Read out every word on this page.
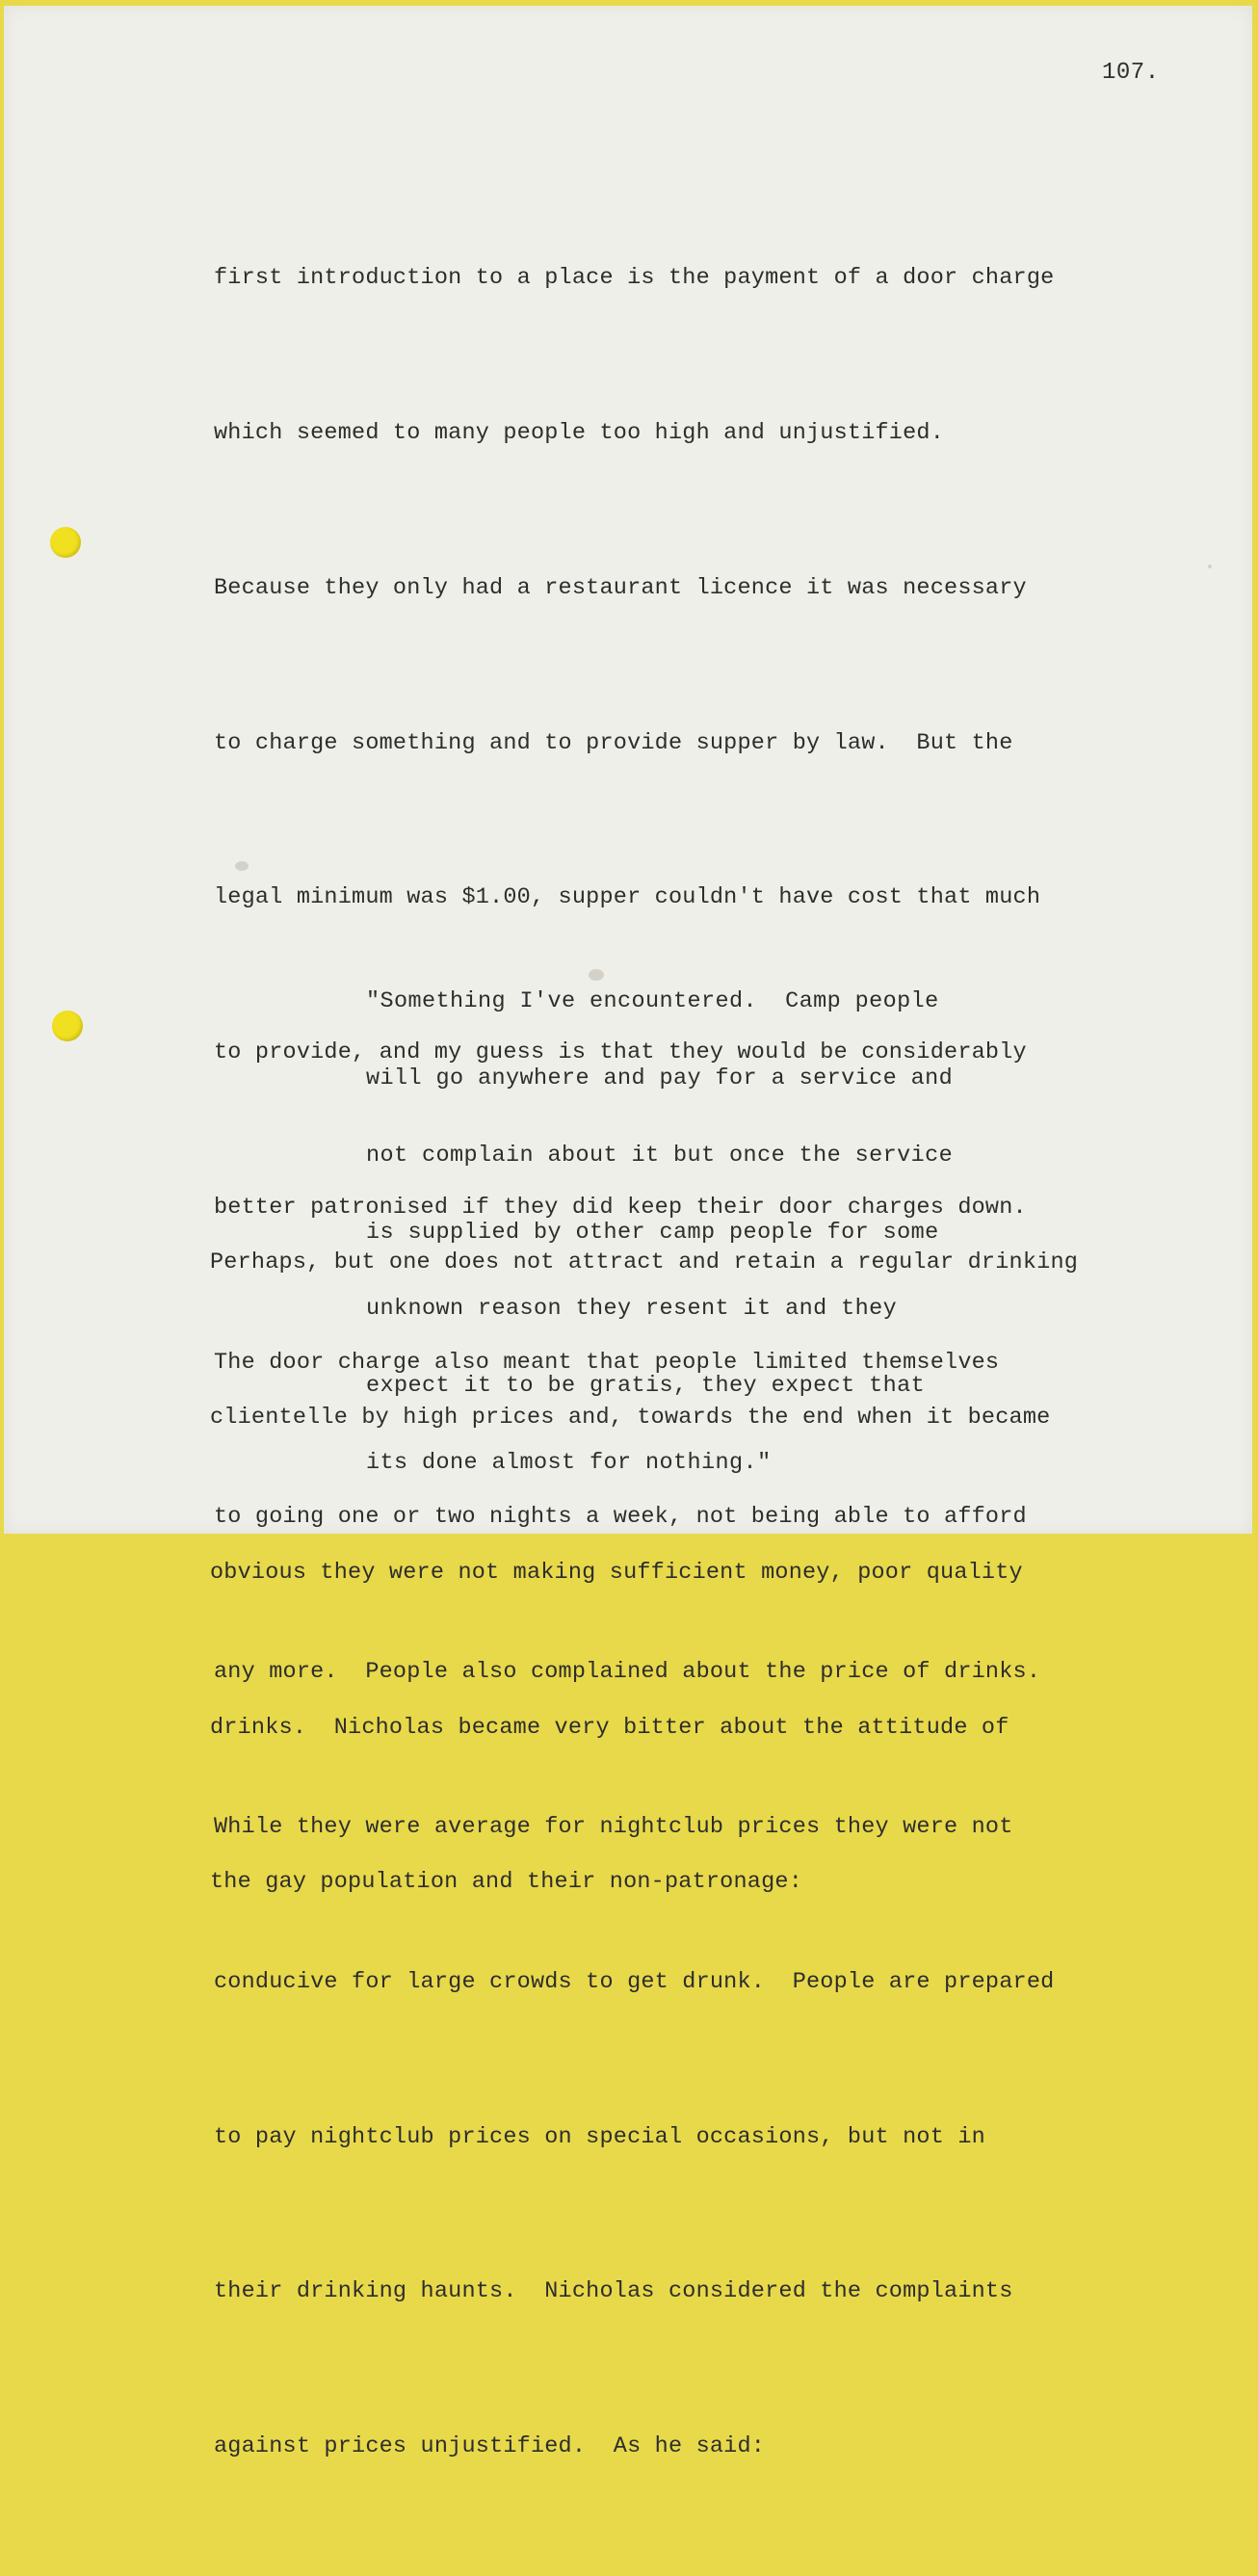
107.

first introduction to a place is the payment of a door charge

which seemed to many people too high and unjustified.

Because they only had a restaurant licence it was necessary

to charge something and to provide supper by law.  But the

legal minimum was $1.00, supper couldn't have cost that much

to provide, and my guess is that they would be considerably

better patronised if they did keep their door charges down.

The door charge also meant that people limited themselves

to going one or two nights a week, not being able to afford

any more.  People also complained about the price of drinks.

While they were average for nightclub prices they were not

conducive for large crowds to get drunk.  People are prepared

to pay nightclub prices on special occasions, but not in

their drinking haunts.  Nicholas considered the complaints

against prices unjustified.  As he said:

"Something I've encountered.  Camp people

will go anywhere and pay for a service and

not complain about it but once the service

is supplied by other camp people for some

unknown reason they resent it and they

expect it to be gratis, they expect that

its done almost for nothing."

Perhaps, but one does not attract and retain a regular drinking

clientelle by high prices and, towards the end when it became

obvious they were not making sufficient money, poor quality

drinks.  Nicholas became very bitter about the attitude of

the gay population and their non-patronage:
